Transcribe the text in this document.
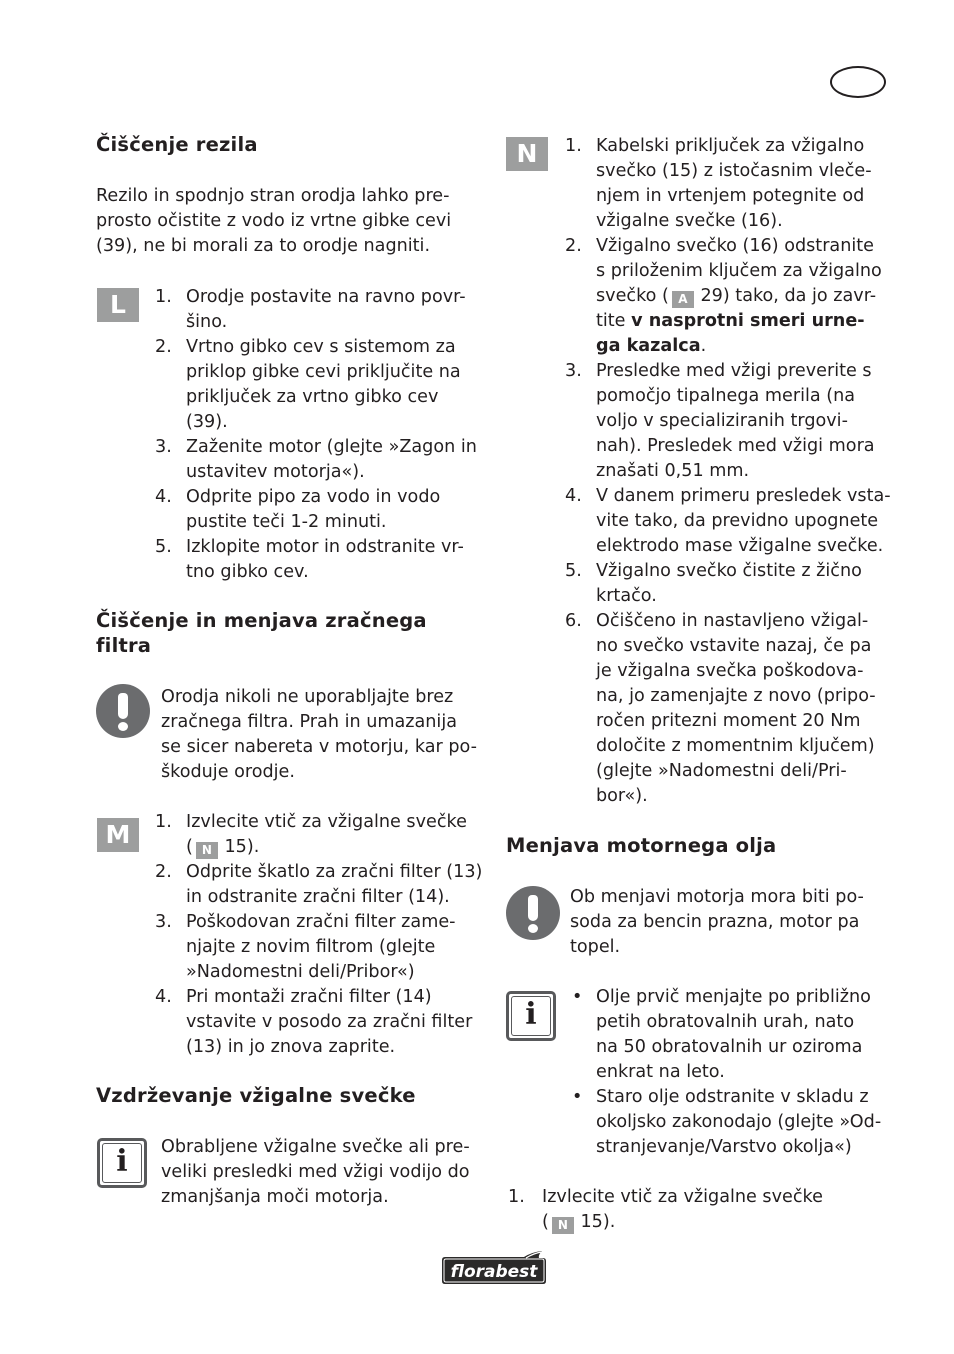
Čiščenje rezila
Rezilo in spodnjo stran orodja lahko pre-
prosto očistite z vodo iz vrtne gibke cevi
(39), ne bi morali za to orodje nagniti.
L	1. Orodje postavite na ravno povr-
šino.
2. Vrtno gibko cev s sistemom za
priklop gibke cevi priključite na
priključek za vrtno gibko cev
(39).
3. Zaženite motor (glejte »Zagon in
ustavitev motorja«).
4. Odprite pipo za vodo in vodo
pustite teči 1-2 minuti.
5. Izklopite motor in odstranite vr-
tno gibko cev.
Čiščenje in menjava zračnega
filtra
Orodja nikoli ne uporabljajte brez
zračnega filtra. Prah in umazanija
se sicer nabereta v motorju, kar po-
škoduje orodje.
M	1. Izvlecite vtič za vžigalne svečke
( N 15).
2. Odprite škatlo za zračni filter (13)
in odstranite zračni filter (14).
3. Poškodovan zračni filter zame-
njajte z novim filtrom (glejte
»Nadomestni deli/Pribor«)
4. Pri montaži zračni filter (14)
vstavite v posodo za zračni filter
(13) in jo znova zaprite.
Vzdrževanje vžigalne svečke
i	Obrabljene vžigalne svečke ali pre-
veliki presledki med vžigi vodijo do
zmanjšanja moči motorja.
N	1. Kabelski priključek za vžigalno
svečko (15) z istočasnim vleče-
njem in vrtenjem potegnite od
vžigalne svečke (16).
2. Vžigalno svečko (16) odstranite
s priloženim ključem za vžigalno
svečko ( A 29) tako, da jo zavr-
tite v nasprotni smeri urne-
ga kazalca.
3. Presledke med vžigi preverite s
pomočjo tipalnega merila (na
voljo v specializiranih trgovi-
nah). Presledek med vžigi mora
znašati 0,51 mm.
4. V danem primeru presledek vsta-
vite tako, da previdno upognete
elektrodo mase vžigalne svečke.
5. Vžigalno svečko čistite z žično
krtačo.
6. Očiščeno in nastavljeno vžigal-
no svečko vstavite nazaj, če pa
je vžigalna svečka poškodova-
na, jo zamenjajte z novo (pripo-
ročen pritezni moment 20 Nm
določite z momentnim ključem)
(glejte »Nadomestni deli/Pri-
bor«).
Menjava motornega olja
Ob menjavi motorja mora biti po-
soda za bencin prazna, motor pa
topel.
i	• Olje prvič menjajte po približno
petih obratovalnih urah, nato
na 50 obratovalnih ur oziroma
enkrat na leto.
• Staro olje odstranite v skladu z
okoljsko zakonodajo (glejte »Od-
stranjevanje/Varstvo okolja«)
1. Izvlecite vtič za vžigalne svečke
( N 15).
florabest
